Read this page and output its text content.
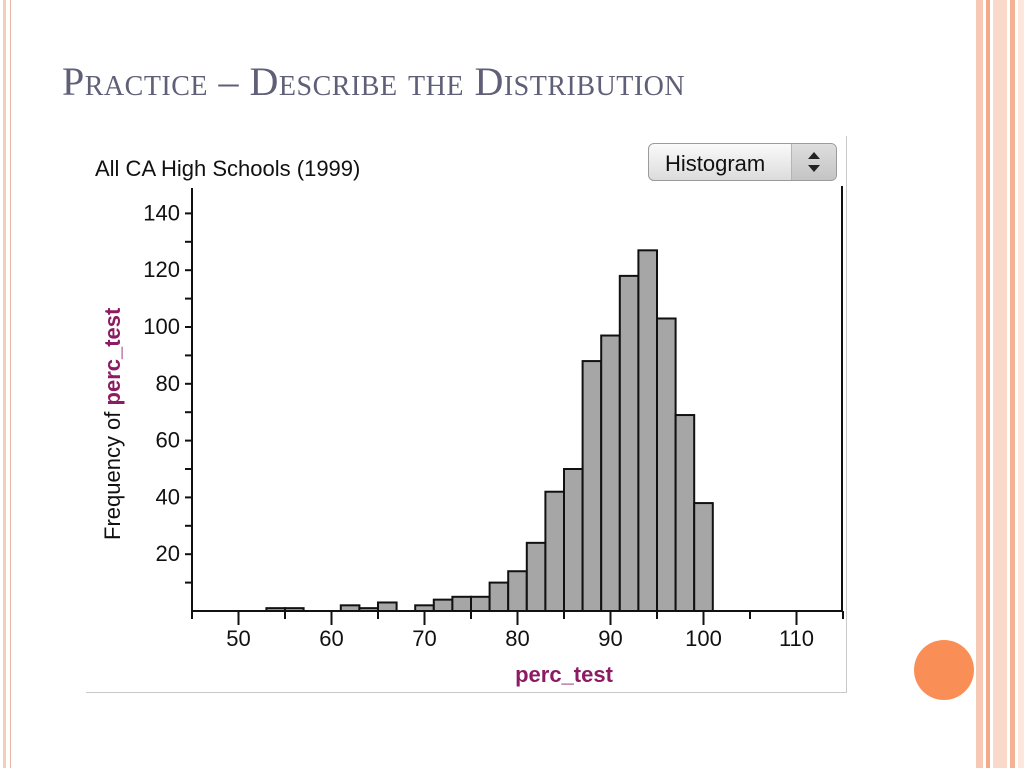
Practice – Describe the Distribution
All CA High Schools (1999)	Histogram
20
40
60
80
100
120
140
50	60	70	80	90	100	110
perc_test
Frequency of perc_test
